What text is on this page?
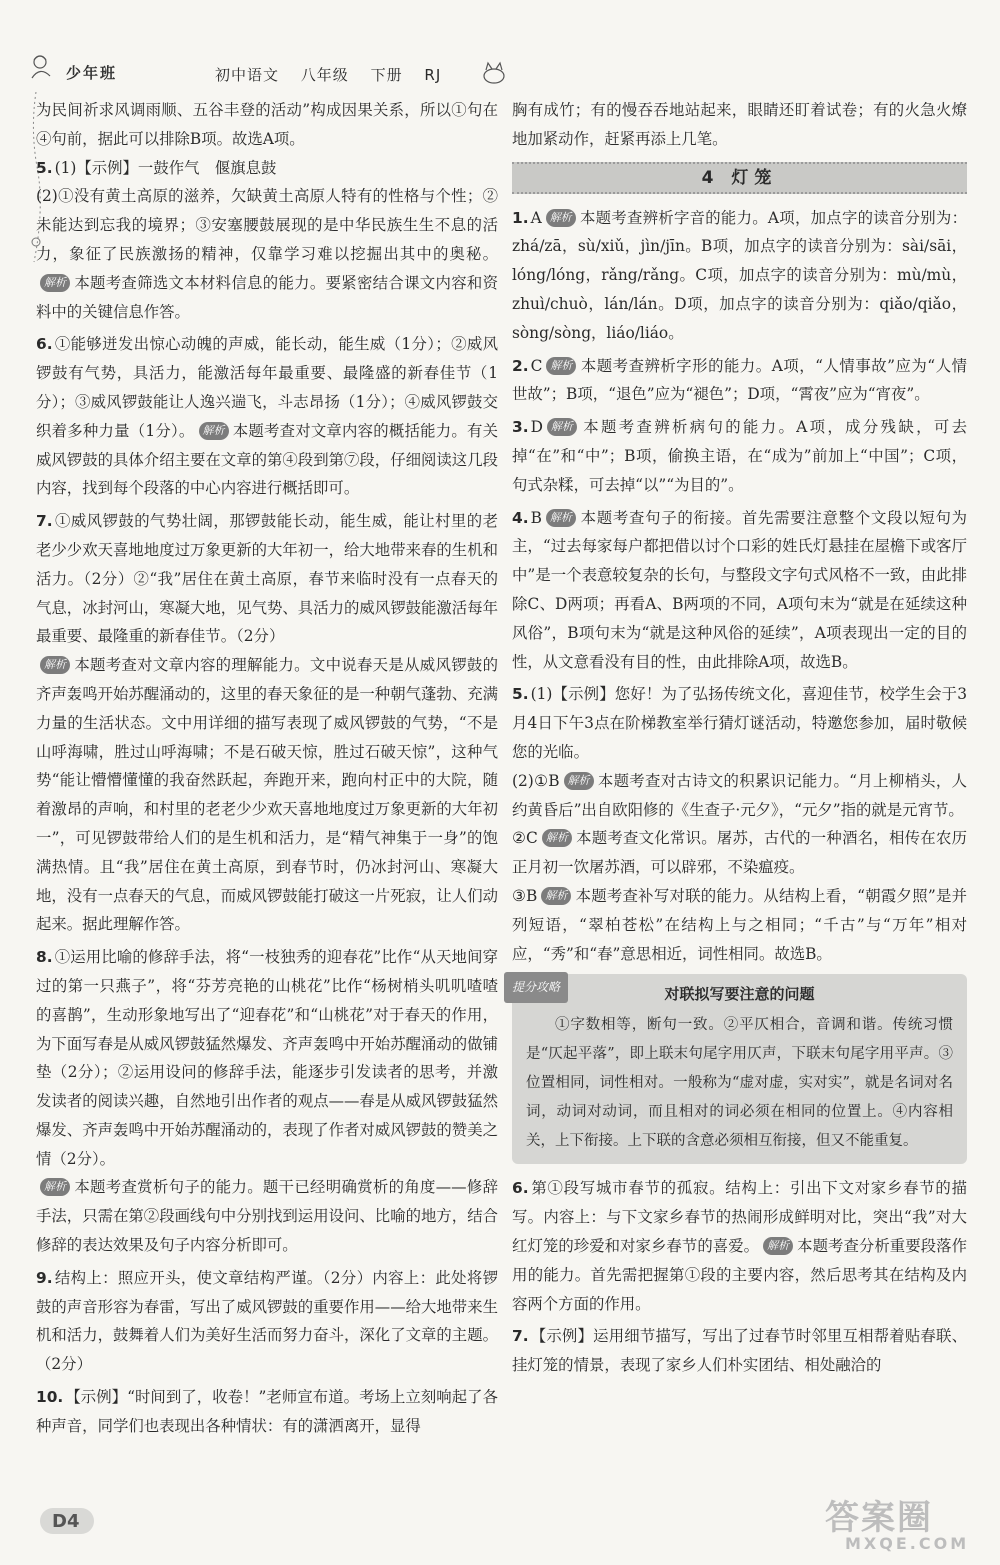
少年班	初中语文 八年级 下册 RJ

为民间祈求风调雨顺、五谷丰登的活动”构成因果关系，所以①句在④句前，据此可以排除B项。故选A项。

5. (1)【示例】一鼓作气　偃旗息鼓

(2)①没有黄土高原的滋养，欠缺黄土高原人特有的性格与个性；②未能达到忘我的境界；③安塞腰鼓展现的是中华民族生生不息的活力，象征了民族激扬的精神，仅靠学习难以挖掘出其中的奥秘。解析 本题考查筛选文本材料信息的能力。要紧密结合课文内容和资料中的关键信息作答。

6. ①能够迸发出惊心动魄的声威，能长动，能生威（1分）；②威风锣鼓有气势，具活力，能激活每年最重要、最隆盛的新春佳节（1分）；③威风锣鼓能让人逸兴遄飞，斗志昂扬（1分）；④威风锣鼓交织着多种力量（1分）。 解析 本题考查对文章内容的概括能力。有关威风锣鼓的具体介绍主要在文章的第④段到第⑦段，仔细阅读这几段内容，找到每个段落的中心内容进行概括即可。

7. ①威风锣鼓的气势壮阔，那锣鼓能长动，能生威，能让村里的老老少少欢天喜地地度过万象更新的大年初一，给大地带来春的生机和活力。（2分）②“我”居住在黄土高原，春节来临时没有一点春天的气息，冰封河山，寒凝大地，见气势、具活力的威风锣鼓能激活每年最重要、最隆重的新春佳节。（2分）

解析 本题考查对文章内容的理解能力。文中说春天是从威风锣鼓的齐声轰鸣开始苏醒涌动的，这里的春天象征的是一种朝气蓬勃、充满力量的生活状态。文中用详细的描写表现了威风锣鼓的气势，“不是山呼海啸，胜过山呼海啸；不是石破天惊，胜过石破天惊”，这种气势“能让懵懵懂懂的我奋然跃起，奔跑开来，跑向村正中的大院，随着激昂的声响，和村里的老老少少欢天喜地地度过万象更新的大年初一”，可见锣鼓带给人们的是生机和活力，是“精气神集于一身”的饱满热情。且“我”居住在黄土高原，到春节时，仍冰封河山、寒凝大地，没有一点春天的气息，而威风锣鼓能打破这一片死寂，让人们动起来。据此理解作答。

8. ①运用比喻的修辞手法，将“一枝独秀的迎春花”比作“从天地间穿过的第一只燕子”，将“芬芳亮艳的山桃花”比作“杨树梢头叽叽喳喳的喜鹊”，生动形象地写出了“迎春花”和“山桃花”对于春天的作用，为下面写春是从威风锣鼓猛然爆发、齐声轰鸣中开始苏醒涌动的做铺垫（2分）；②运用设问的修辞手法，能逐步引发读者的思考，并激发读者的阅读兴趣，自然地引出作者的观点——春是从威风锣鼓猛然爆发、齐声轰鸣中开始苏醒涌动的，表现了作者对威风锣鼓的赞美之情（2分）。

解析 本题考查赏析句子的能力。题干已经明确赏析的角度——修辞手法，只需在第②段画线句中分别找到运用设问、比喻的地方，结合修辞的表达效果及句子内容分析即可。

9. 结构上：照应开头，使文章结构严谨。（2分）内容上：此处将锣鼓的声音形容为春雷，写出了威风锣鼓的重要作用——给大地带来生机和活力，鼓舞着人们为美好生活而努力奋斗，深化了文章的主题。（2分）

10. 【示例】“时间到了，收卷！”老师宣布道。考场上立刻响起了各种声音，同学们也表现出各种情状：有的潇洒离开，显得

胸有成竹；有的慢吞吞地站起来，眼睛还盯着试卷；有的火急火燎地加紧动作，赶紧再添上几笔。

4 灯笼

1. A 解析 本题考查辨析字音的能力。A项，加点字的读音分别为：zhá/zā，sù/xiǔ，jìn/jīn。B项，加点字的读音分别为：sài/sāi，lóng/lóng，rǎng/rǎng。C项，加点字的读音分别为：mù/mù，zhuì/chuò，lán/lán。D项，加点字的读音分别为：qiǎo/qiǎo，sòng/sòng，liáo/liáo。

2. C 解析 本题考查辨析字形的能力。A项，“人情事故”应为“人情世故”；B项，“退色”应为“褪色”；D项，“霄夜”应为“宵夜”。

3. D 解析 本题考查辨析病句的能力。A项，成分残缺，可去掉“在”和“中”；B项，偷换主语，在“成为”前加上“中国”；C项，句式杂糅，可去掉“以”“为目的”。

4. B 解析 本题考查句子的衔接。首先需要注意整个文段以短句为主，“过去每家每户都把借以讨个口彩的姓氏灯悬挂在屋檐下或客厅中”是一个表意较复杂的长句，与整段文字句式风格不一致，由此排除C、D两项；再看A、B两项的不同，A项句末为“就是在延续这种风俗”，B项句末为“就是这种风俗的延续”，A项表现出一定的目的性，从文意看没有目的性，由此排除A项，故选B。

5. (1)【示例】您好！为了弘扬传统文化，喜迎佳节，校学生会于3月4日下午3点在阶梯教室举行猜灯谜活动，特邀您参加，届时敬候您的光临。

(2)①B 解析 本题考查对古诗文的积累识记能力。“月上柳梢头，人约黄昏后”出自欧阳修的《生查子·元夕》，“元夕”指的就是元宵节。

②C 解析 本题考查文化常识。屠苏，古代的一种酒名，相传在农历正月初一饮屠苏酒，可以辟邪，不染瘟疫。

③B 解析 本题考查补写对联的能力。从结构上看，“朝霞夕照”是并列短语，“翠柏苍松”在结构上与之相同；“千古”与“万年”相对应，“秀”和“春”意思相近，词性相同。故选B。

提分攻略	对联拟写要注意的问题

①字数相等，断句一致。②平仄相合，音调和谐。传统习惯是“仄起平落”，即上联末句尾字用仄声，下联末句尾字用平声。③位置相同，词性相对。一般称为“虚对虚，实对实”，就是名词对名词，动词对动词，而且相对的词必须在相同的位置上。④内容相关，上下衔接。上下联的含意必须相互衔接，但又不能重复。

6. 第①段写城市春节的孤寂。结构上：引出下文对家乡春节的描写。内容上：与下文家乡春节的热闹形成鲜明对比，突出“我”对大红灯笼的珍爱和对家乡春节的喜爱。 解析 本题考查分析重要段落作用的能力。首先需把握第①段的主要内容，然后思考其在结构及内容两个方面的作用。

7. 【示例】运用细节描写，写出了过春节时邻里互相帮着贴春联、挂灯笼的情景，表现了家乡人们朴实团结、相处融洽的

D4	答案圈
MXQE.COM
